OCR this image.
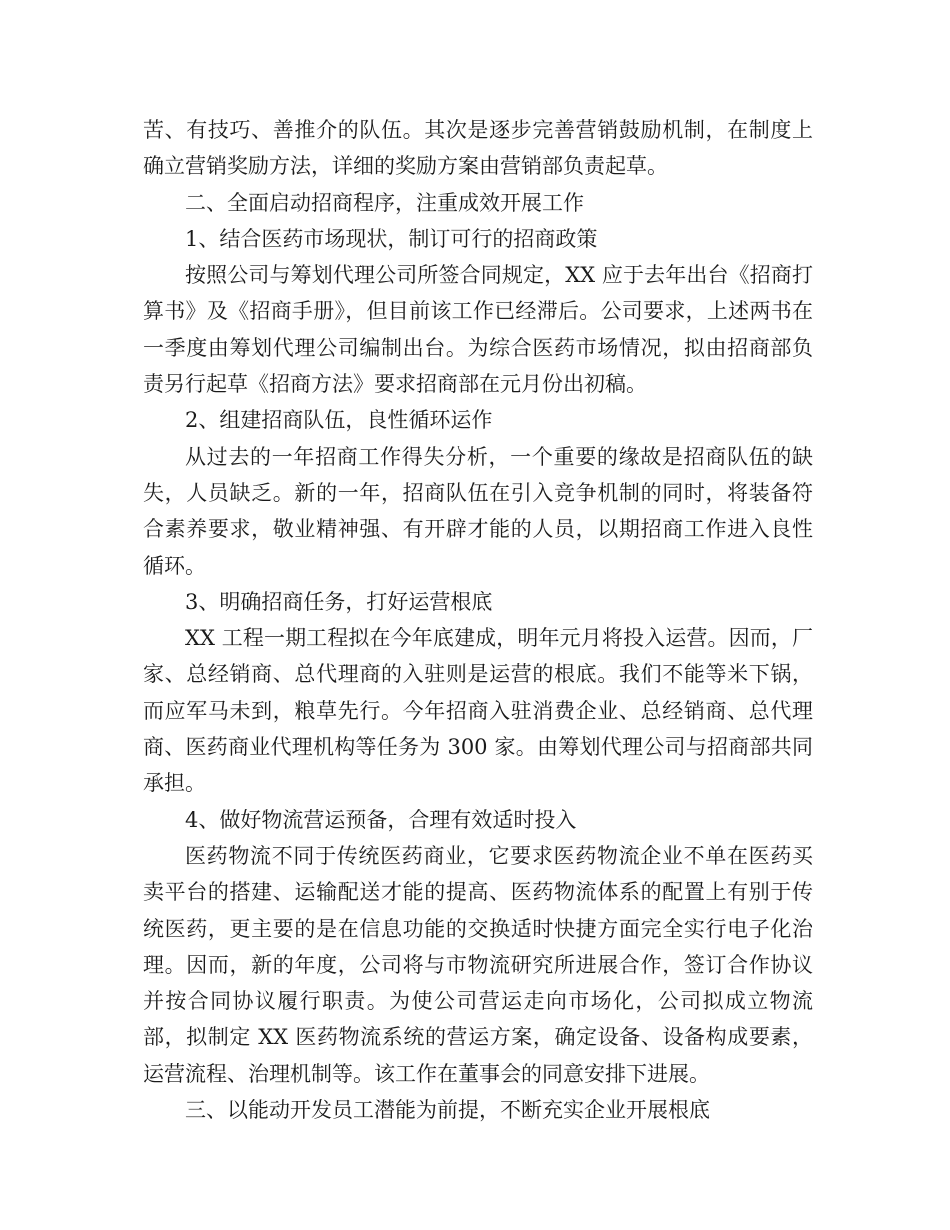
苦、有技巧、善推介的队伍。其次是逐步完善营销鼓励机制，在制度上确立营销奖励方法，详细的奖励方案由营销部负责起草。

二、全面启动招商程序，注重成效开展工作

1、结合医药市场现状，制订可行的招商政策

按照公司与筹划代理公司所签合同规定，XX 应于去年出台《招商打算书》及《招商手册》，但目前该工作已经滞后。公司要求，上述两书在一季度由筹划代理公司编制出台。为综合医药市场情况，拟由招商部负责另行起草《招商方法》要求招商部在元月份出初稿。

2、组建招商队伍，良性循环运作

从过去的一年招商工作得失分析，一个重要的缘故是招商队伍的缺失，人员缺乏。新的一年，招商队伍在引入竞争机制的同时，将装备符合素养要求，敬业精神强、有开辟才能的人员，以期招商工作进入良性循环。

3、明确招商任务，打好运营根底

XX 工程一期工程拟在今年底建成，明年元月将投入运营。因而，厂家、总经销商、总代理商的入驻则是运营的根底。我们不能等米下锅，而应军马未到，粮草先行。今年招商入驻消费企业、总经销商、总代理商、医药商业代理机构等任务为 300 家。由筹划代理公司与招商部共同承担。

4、做好物流营运预备，合理有效适时投入

医药物流不同于传统医药商业，它要求医药物流企业不单在医药买卖平台的搭建、运输配送才能的提高、医药物流体系的配置上有别于传统医药，更主要的是在信息功能的交换适时快捷方面完全实行电子化治理。因而，新的年度，公司将与市物流研究所进展合作，签订合作协议并按合同协议履行职责。为使公司营运走向市场化，公司拟成立物流部，拟制定 XX 医药物流系统的营运方案，确定设备、设备构成要素，运营流程、治理机制等。该工作在董事会的同意安排下进展。

三、以能动开发员工潜能为前提，不断充实企业开展根底
